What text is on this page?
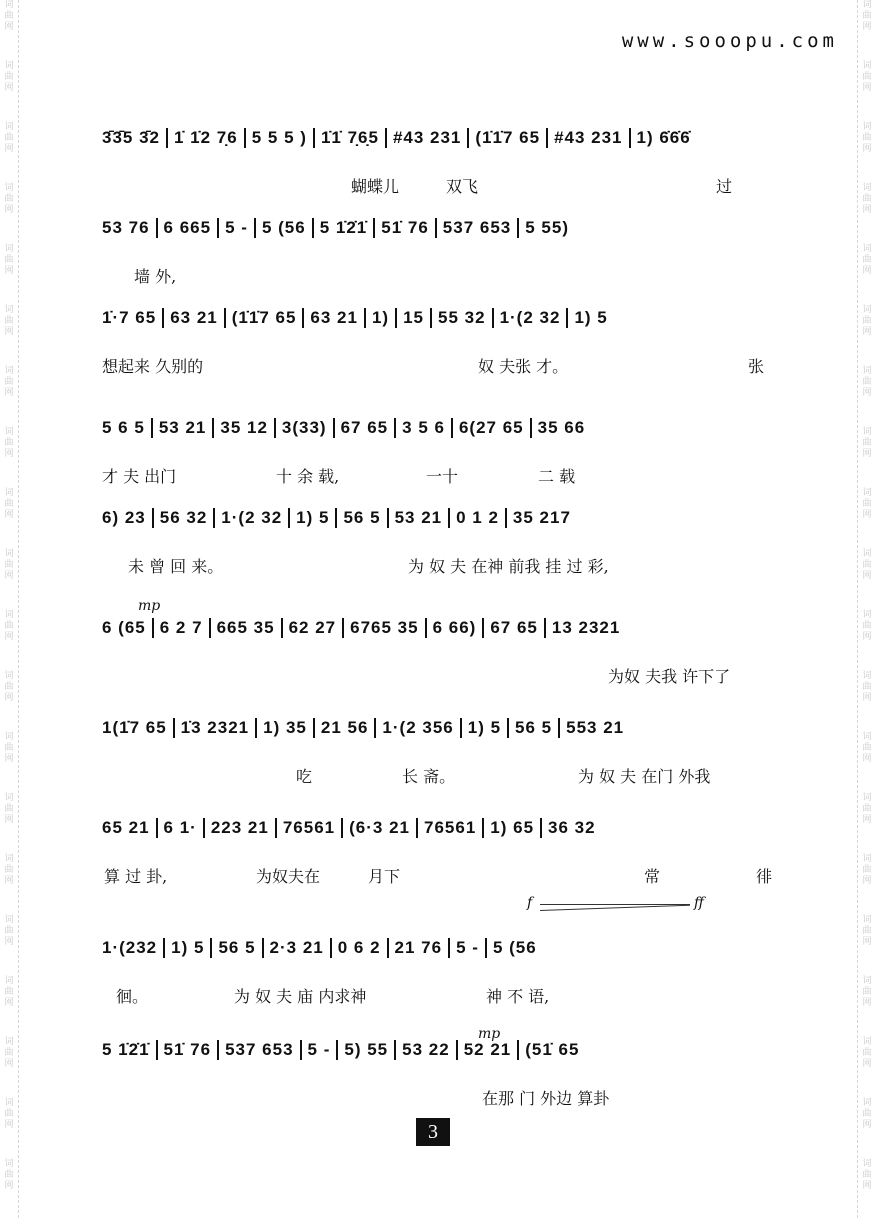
词
曲
网
词
曲
网
词
曲
网
词
曲
网
词
曲
网
词
曲
网
词
曲
网
词
曲
网
词
曲
网
词
曲
网
词
曲
网
词
曲
网
词
曲
网
词
曲
网
词
曲
网
词
曲
网
词
曲
网
词
曲
网
词
曲
网
词
曲
网
词
曲
网
词
曲
网
词
曲
网
词
曲
网
词
曲
网
词
曲
网
词
曲
网
词
曲
网
词
曲
网
词
曲
网
词
曲
网
词
曲
网
词
曲
网
词
曲
网
词
曲
网
词
曲
网
词
曲
网
词
曲
网
词
曲
网
词
曲
网
www.sooopu.com
3̄3̄5 3̄2 1̇ 1̇2 7̣6 5 5 5 ) 1̇1̇ 7̣6̣5 #43 231 (1̇1̇7 65 #43 231 1) 6̇6̇6̇
蝴蝶儿	双飞	过
53 76 6 665 5 - 5 (56 5 1̇2̇1̇ 51̇ 76 537 653 5 55)
墙 外,
1̇·7 65 63 21 (1̇1̇7 65 63 21 1) 15 55 32 1·(2 32 1) 5
想起来 久别的	奴 夫张 才。	张
5 6 5 53 21 35 12 3(33) 67 65 3 5 6 6(27 65 35 66
才 夫 出门	十 余 载,	一十	二 载
6) 23 56 32 1·(2 32 1) 5 56 5 53 21 0 1 2 35 217
未 曾 回 来。	为 奴 夫 在神 前我 挂 过 彩,
6 (65 6 2 7 665 35 62 27 6765 35 6 66) 67 65 13 2321
为奴 夫我 许下了
1(1̇7 65 1̇3 2321 1) 35 21 56 1·(2 356 1) 5 56 5 553 21
吃	长 斋。	为 奴 夫 在门 外我
65 21 6 1· 223 21 76561 (6·3 21 76561 1) 65 36 32
算 过 卦,	为奴夫在	月下	常	徘
1·(232 1) 5 56 5 2·3 21 0 6 2 21 76 5 - 5 (56
徊。	为 奴 夫 庙 内求神	神 不 语,
5 1̇2̇1̇ 51̇ 76 537 653 5 - 5) 55 53 22 52 21 (51̇ 65
在那 门 外边 算卦
mp
mp
f	ff
3
